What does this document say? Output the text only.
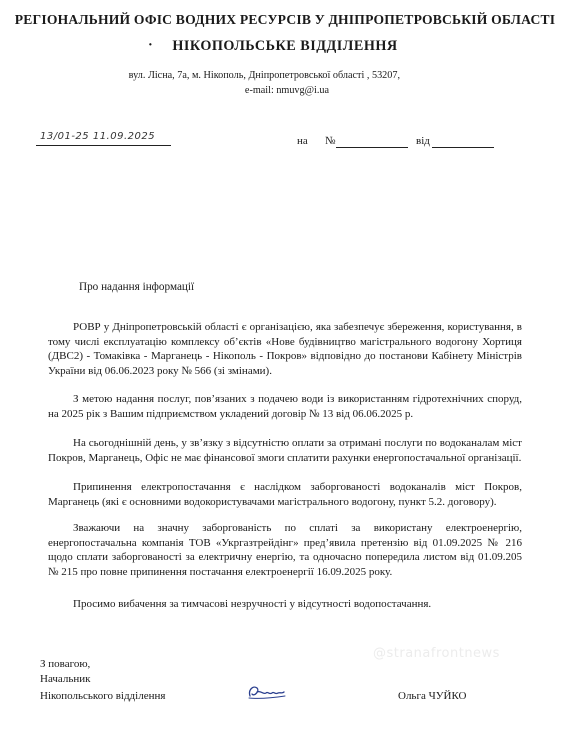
РЕГІОНАЛЬНИЙ ОФІС ВОДНИХ РЕСУРСІВ У ДНІПРОПЕТРОВСЬКІЙ ОБЛАСТІ
· НІКОПОЛЬСЬКЕ ВІДДІЛЕННЯ
вул. Лісна, 7а, м. Нікополь, Дніпропетровської області , 53207,
e-mail: nmuvg@i.ua
13/01-25 11.09.2025	на №	від
Про надання інформації

РОВР у Дніпропетровській області є організацією, яка забезпечує збереження, користування, в тому числі експлуатацію комплексу об’єктів «Нове будівництво магістрального водогону Хортиця (ДВС2) - Томаківка - Марганець - Нікополь - Покров» відповідно до постанови Кабінету Міністрів України від 06.06.2023 року № 566 (зі змінами).

З метою надання послуг, пов’язаних з подачею води із використанням гідротехнічних споруд, на 2025 рік з Вашим підприємством укладений договір № 13 від 06.06.2025 р.

На сьогоднішній день, у зв’язку з відсутністю оплати за отримані послуги по водоканалам міст Покров, Марганець, Офіс не має фінансової змоги сплатити рахунки енергопостачальної організації.

Припинення електропостачання є наслідком заборгованості водоканалів міст Покров, Марганець (які є основними водокористувачами магістрального водогону, пункт 5.2. договору).

Зважаючи на значну заборгованість по сплаті за використану електроенергію, енергопостачальна компанія ТОВ «Укргазтрейдінг» пред’явила претензію від 01.09.2025 № 216 щодо сплати заборгованості за електричну енергію, та одночасно попередила листом від 01.09.205 № 215 про повне припинення постачання електроенергії 16.09.2025 року.

Просимо вибачення за тимчасові незручності у відсутності водопостачання.

@stranafrontnews
З повагою,
Начальник
Нікопольського відділення	Ольга ЧУЙКО
